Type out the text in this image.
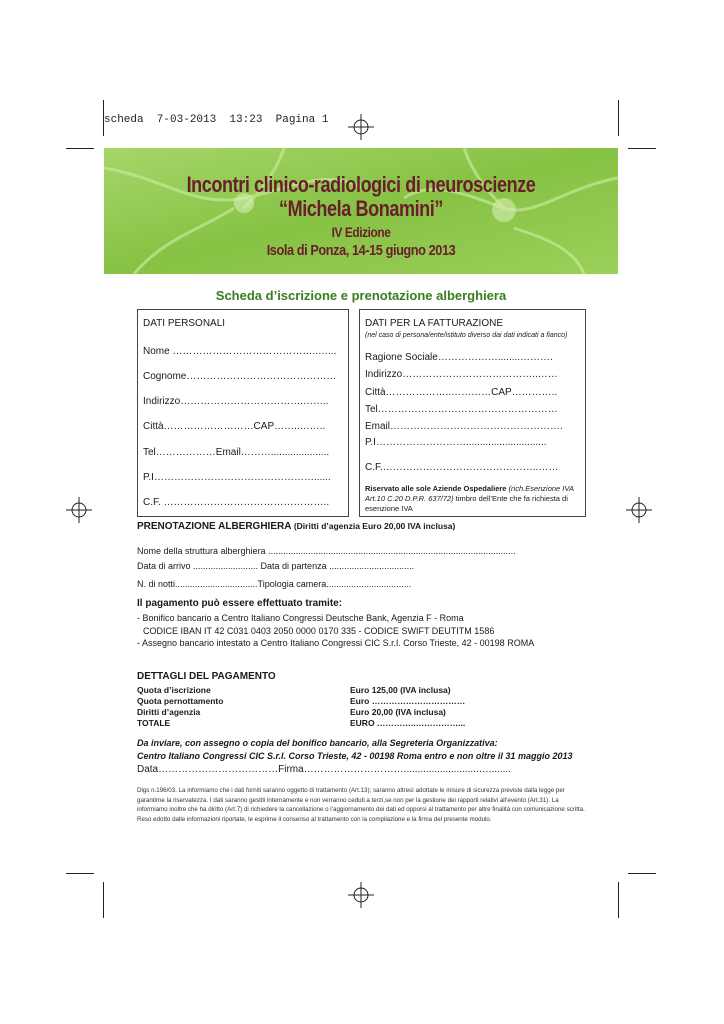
scheda  7-03-2013  13:23  Pagina 1
Incontri clinico-radiologici di neuroscienze
“Michela Bonamini”
IV Edizione
Isola di Ponza, 14-15 giugno 2013
Scheda d’iscrizione e prenotazione alberghiera
DATI PERSONALI
Nome ……………………………………..…...
Cognome………………………………………
Indirizzo……………………………….……..
Città………………………CAP……..……..
Tel………………Email……….....................
P.I…………………………………………......
C.F. …………………………………………..
DATI PER LA FATTURAZIONE
(nel caso di persona/ente/istituto diverso dai dati indicati a fianco)
Ragione Sociale………………........……….
Indirizzo…………………………………..……
Città………………..…………CAP…………..
Tel………………………………………………
Email…………………………………………….
P.I……………………….............................
C.F.………………………………………..……
Riservato alle sole Aziende Ospedaliere (rich.Esenzione IVA Art.10 C.20 D.P.R. 637/72) timbro dell’Ente che fa richiesta di esenzione IVA
PRENOTAZIONE ALBERGHIERA (Diritti d’agenzia Euro 20,00 IVA inclusa)
Nome della struttura alberghiera ...................................................................................................
Data di arrivo .......................... Data di partenza ..................................
N. di notti.................................Tipologia camera..................................
Il pagamento può essere effettuato tramite:
- Bonifico bancario a Centro Italiano Congressi Deutsche Bank, Agenzia F - Roma
CODICE IBAN IT 42 C031 0403 2050 0000 0170 335 - CODICE SWIFT DEUTITM 1586
- Assegno bancario intestato a Centro Italiano Congressi CIC S.r.l. Corso Trieste, 42 - 00198 ROMA
DETTAGLI DEL PAGAMENTO
Quota d’iscrizione	Euro 125,00 (IVA inclusa)
Quota pernottamento	Euro ……………………………
Diritti d’agenzia	Euro 20,00 (IVA inclusa)
TOTALE	EURO …………..……………...
Da inviare, con assegno o copia del bonifico bancario, alla Segreteria Organizzativa:
Centro Italiano Congressi CIC S.r.l. Corso Trieste, 42 - 00198 Roma entro e non oltre il 31 maggio 2013
Data………………………………Firma…………………………...........................…........
Dlgs n.196/03. La informiamo che i dati forniti saranno oggetto di trattamento (Art.13); saranno altresì adottate le misure di sicurezza previste dalla legge per garantirne la riservatezza. I dati saranno gestiti internamente e non verranno ceduti a terzi,se non per la gestione dei rapporti relativi all’evento (Art.31). La informiamo inoltre che ha diritto (Art.7) di richiedere la cancellazione o l’aggiornamento dei dati ed opporsi al trattamento per altre finalità con comunicazione scritta. Reso edotto dalle informazioni riportate, le esprime il consenso al trattamento con la compilazione e la firma del presente modulo.
